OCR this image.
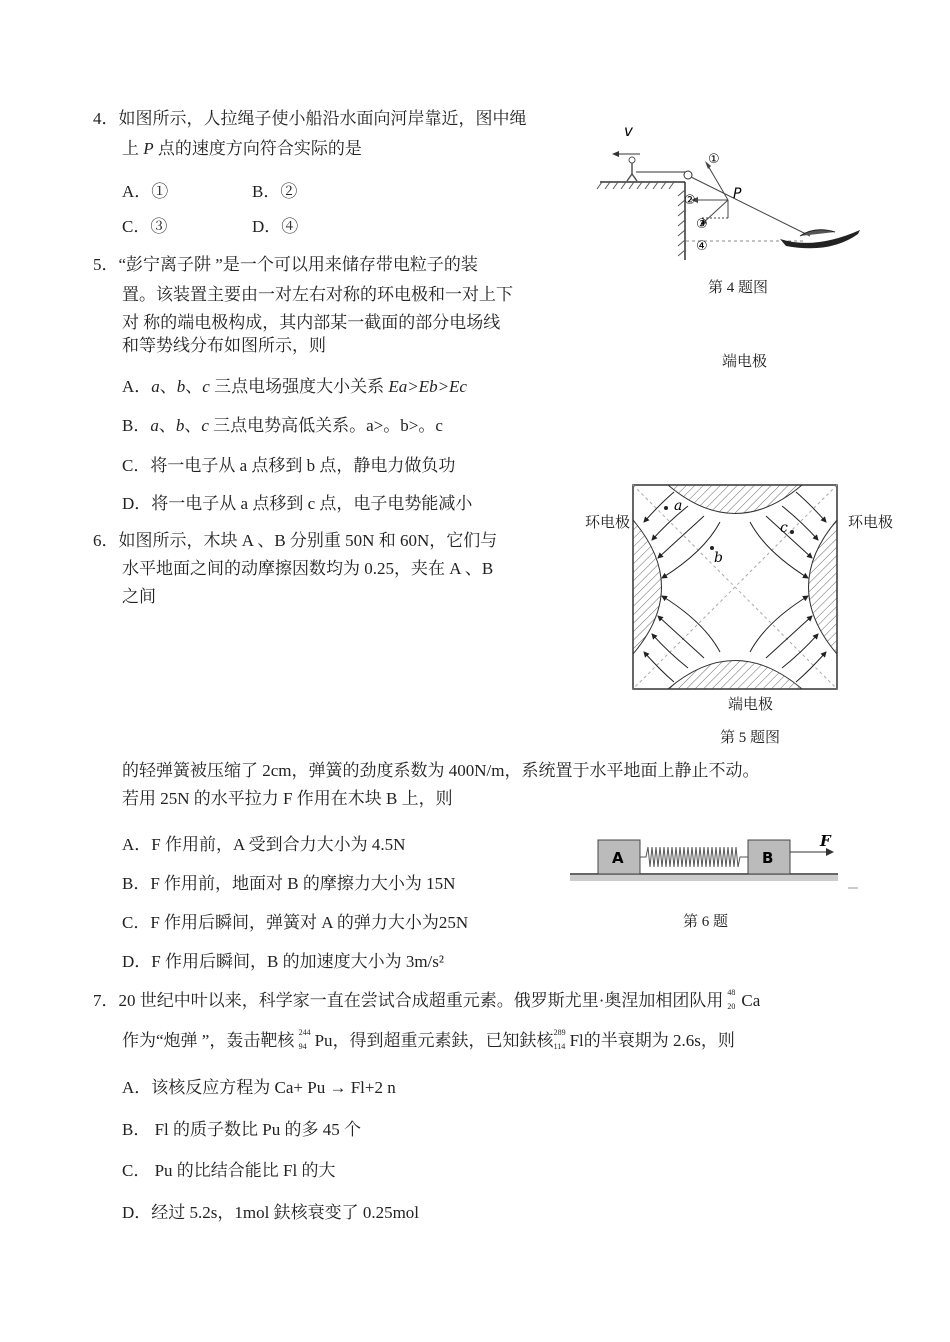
4．如图所示，人拉绳子使小船沿水面向河岸靠近，图中绳
上 P 点的速度方向符合实际的是
A．①	B．②
C．③	D．④
v
P
①
②
③
④
第 4 题图
5．“彭宁离子阱 ”是一个可以用来储存带电粒子的装
置。该装置主要由一对左右对称的环电极和一对上下
对 称的端电极构成，其内部某一截面的部分电场线
和等势线分布如图所示，则
A．a、b、c 三点电场强度大小关系 Ea>Eb>Ec
B．a、b、c 三点电势高低关系。a>。b>。c
C．将一电子从 a 点移到 b 点，静电力做负功
D．将一电子从 a 点移到 c 点，电子电势能减小
端电极
环电极	环电极
端电极
第 5 题图
a
b
c
6．如图所示，木块 A 、B 分别重 50N 和 60N，它们与
水平地面之间的动摩擦因数均为 0.25，夹在 A 、B
之间
的轻弹簧被压缩了 2cm，弹簧的劲度系数为 400N/m，系统置于水平地面上静止不动。
若用 25N 的水平拉力 F 作用在木块 B 上，则
A．F 作用前，A 受到合力大小为 4.5N
B．F 作用前，地面对 B 的摩擦力大小为 15N
C．F 作用后瞬间，弹簧对 A 的弹力大小为25N
D．F 作用后瞬间，B 的加速度大小为 3m/s²
A	B
F
第 6 题
7．20 世纪中叶以来，科学家一直在尝试合成超重元素。俄罗斯尤里·奥涅加相团队用 48
20 Ca
作为“炮弹 ”，轰击靶核 244
94 Pu，得到超重元素鈇，已知鈇核 289
114 Fl的半衰期为 2.6s，则
A．该核反应方程为 Ca+ Pu → Fl+2 n
B． Fl 的质子数比 Pu 的多 45 个
C． Pu 的比结合能比 Fl 的大
D．经过 5.2s，1mol 鈇核衰变了 0.25mol
